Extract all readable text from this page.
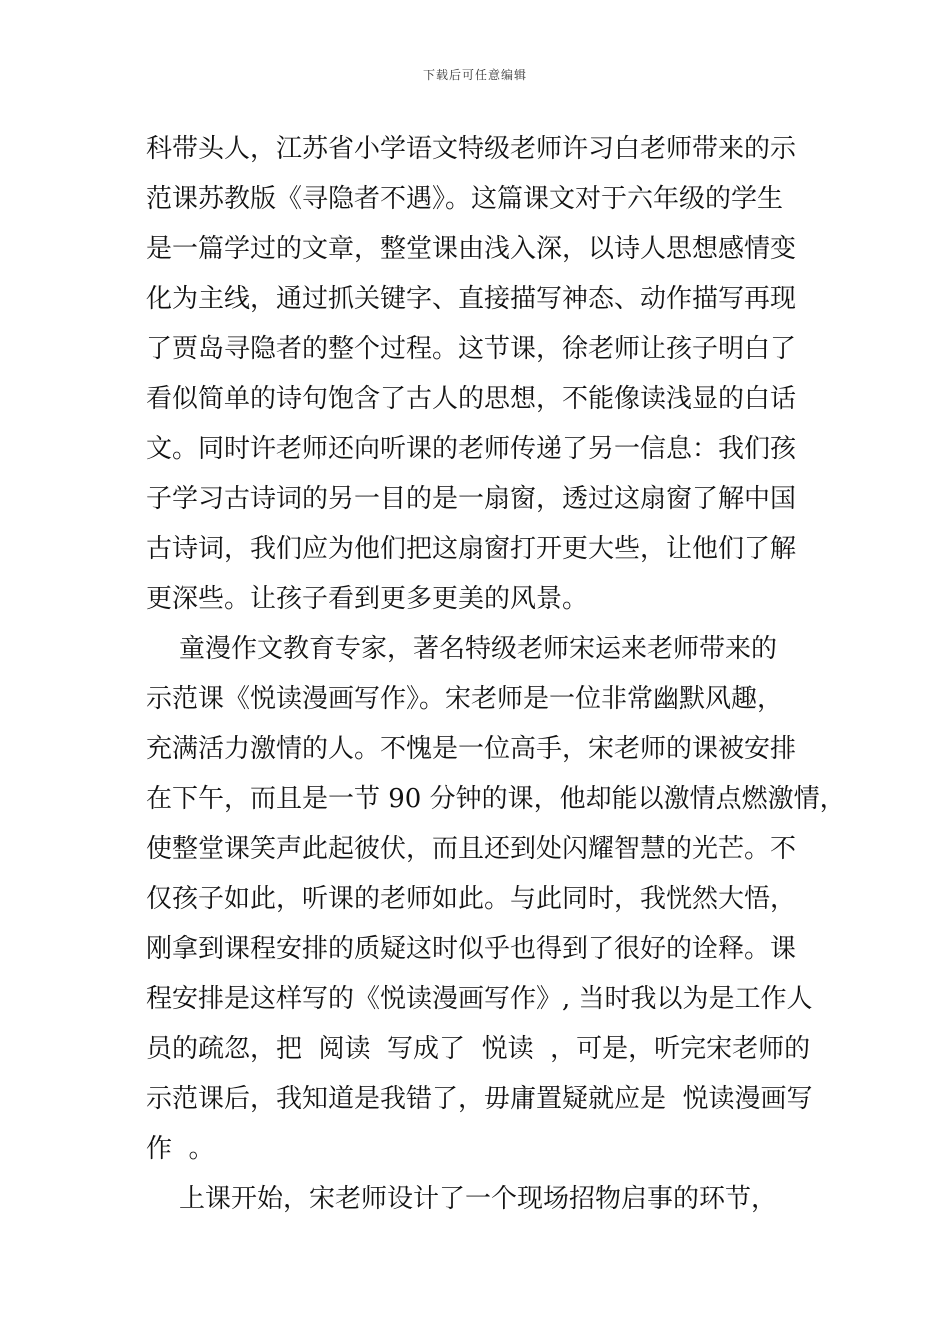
下载后可任意编辑
科带头人，江苏省小学语文特级老师许习白老师带来的示
范课苏教版《寻隐者不遇》。这篇课文对于六年级的学生
是一篇学过的文章，整堂课由浅入深，以诗人思想感情变
化为主线，通过抓关键字、直接描写神态、动作描写再现
了贾岛寻隐者的整个过程。这节课，徐老师让孩子明白了
看似简单的诗句饱含了古人的思想，不能像读浅显的白话
文。同时许老师还向听课的老师传递了另一信息：我们孩
子学习古诗词的另一目的是一扇窗，透过这扇窗了解中国
古诗词，我们应为他们把这扇窗打开更大些，让他们了解
更深些。让孩子看到更多更美的风景。
童漫作文教育专家，著名特级老师宋运来老师带来的
示范课《悦读漫画写作》。宋老师是一位非常幽默风趣，
充满活力激情的人。不愧是一位高手，宋老师的课被安排
在下午，而且是一节 90 分钟的课，他却能以激情点燃激情，
使整堂课笑声此起彼伏，而且还到处闪耀智慧的光芒。不
仅孩子如此，听课的老师如此。与此同时，我恍然大悟，
刚拿到课程安排的质疑这时似乎也得到了很好的诠释。课
程安排是这样写的《悦读漫画写作》, 当时我以为是工作人
员的疏忽，把  阅读  写成了  悦读  ，可是，听完宋老师的
示范课后，我知道是我错了，毋庸置疑就应是  悦读漫画写
作  。
上课开始，宋老师设计了一个现场招物启事的环节，
